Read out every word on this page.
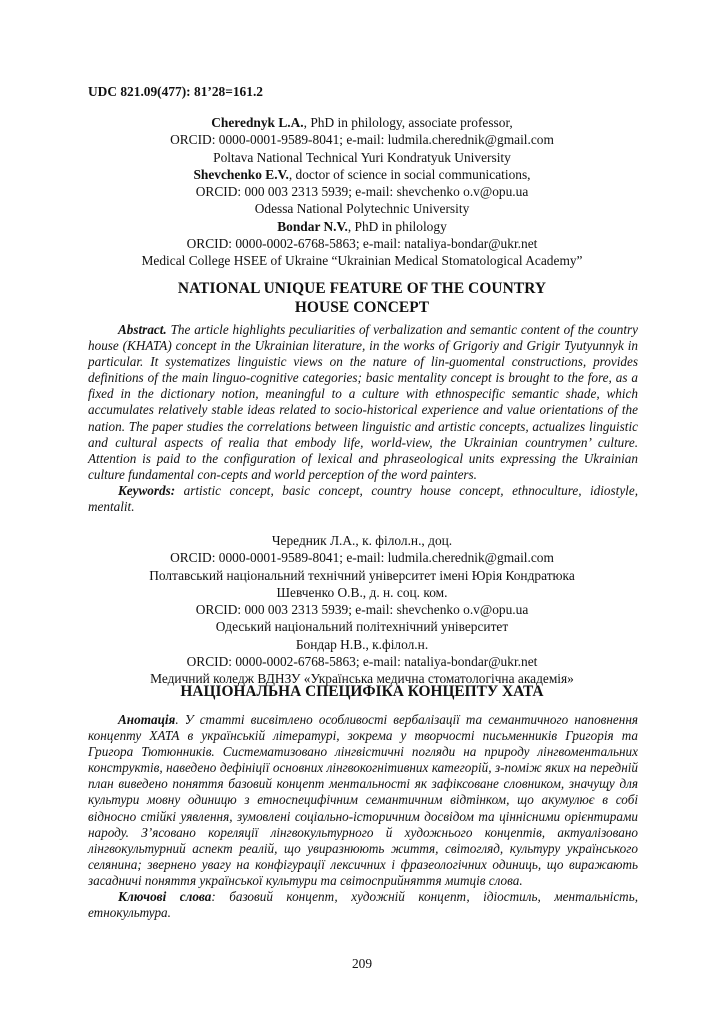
UDC 821.09(477): 81’28=161.2
Cherednyk L.A., PhD in philology, associate professor,
ORCID: 0000-0001-9589-8041; e-mail: ludmila.cherednik@gmail.com
Poltava National Technical Yuri Kondratyuk University
Shevchenko E.V., doctor of science in social communications,
ORCID: 000 003 2313 5939; e-mail: shevchenko o.v@opu.ua
Odessa National Polytechnic University
Bondar N.V., PhD in philology
ORCID: 0000-0002-6768-5863; e-mail: nataliya-bondar@ukr.net
Medical College HSEE of Ukraine “Ukrainian Medical Stomatological Academy”
NATIONAL UNIQUE FEATURE OF THE COUNTRY
HOUSE CONCEPT

Abstract. The article highlights peculiarities of verbalization and semantic content of the country house (KHATA) concept in the Ukrainian literature, in the works of Grigoriy and Grigir Tyutyunnyk in particular. It systematizes linguistic views on the nature of lin-guomental constructions, provides definitions of the main linguo-cognitive categories; basic mentality concept is brought to the fore, as a fixed in the dictionary notion, meaningful to a culture with ethnospecific semantic shade, which accumulates relatively stable ideas related to socio-historical experience and value orientations of the nation. The paper studies the correlations between linguistic and artistic concepts, actualizes linguistic and cultural aspects of realia that embody life, world-view, the Ukrainian countrymen’ culture. Attention is paid to the configuration of lexical and phraseological units expressing the Ukrainian culture fundamental con-cepts and world perception of the word painters.

Keywords: artistic concept, basic concept, country house concept, ethnoculture, idiostyle, mentalit.

Чередник Л.А., к. філол.н., доц.
ORCID: 0000-0001-9589-8041; e-mail: ludmila.cherednik@gmail.com
Полтавський національний технічний університет імені Юрія Кондратюка
Шевченко О.В., д. н. соц. ком.
ORCID: 000 003 2313 5939; e-mail: shevchenko o.v@opu.ua
Одеський національний політехнічний університет
Бондар Н.В., к.філол.н.
ORCID: 0000-0002-6768-5863; e-mail: nataliya-bondar@ukr.net
Медичний коледж ВДНЗУ «Українська медична стоматологічна академія»
НАЦІОНАЛЬНА СПЕЦИФІКА КОНЦЕПТУ ХАТА

Анотація. У статті висвітлено особливості вербалізації та семантичного наповнення концепту ХАТА в українській літературі, зокрема у творчості письменників Григорія та Григора Тютюнників. Систематизовано лінгвістичні погляди на природу лінгвоментальних конструктів, наведено дефініції основних лінгвокогнітивних категорій, з-поміж яких на передній план виведено поняття базовий концепт ментальності як зафіксоване словником, значущу для культури мовну одиницю з етноспецифічним семантичним відтінком, що акумулює в собі відносно стійкі уявлення, зумовлені соціально-історичним досвідом та ціннісними орієнтирами народу. З’ясовано кореляції лінгвокультурного й художнього концептів, актуалізовано лінгвокультурний аспект реалій, що увиразнюють життя, світогляд, культуру українського селянина; звернено увагу на конфігурації лексичних і фразеологічних одиниць, що виражають засадничі поняття української культури та світосприйняття митців слова.

Ключові слова: базовий концепт, художній концепт, ідіостиль, ментальність, етнокультура.

209
